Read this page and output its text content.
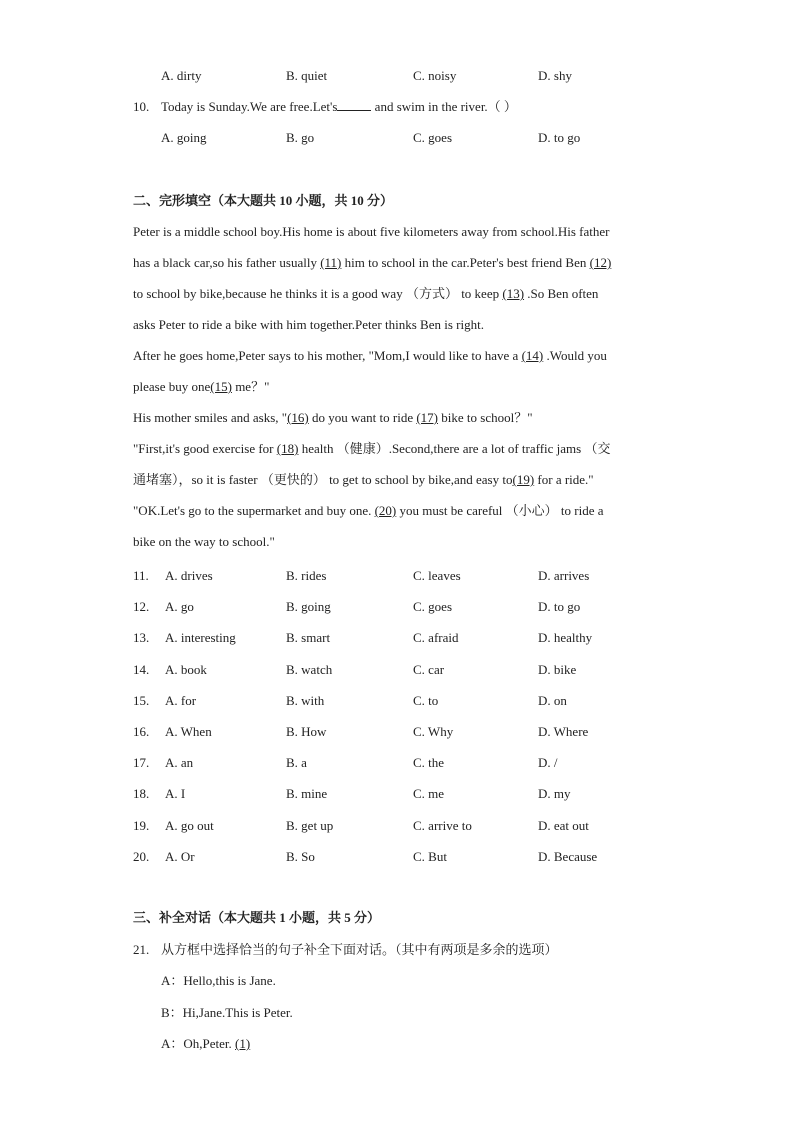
A. dirty	B. quiet	C. noisy	D. shy
10. Today is Sunday.We are free.Let's	and swim in the river.（ ）
A. going	B. go	C. goes	D. to go
二、完形填空（本大题共 10 小题，共 10 分）
Peter is a middle school boy.His home is about five kilometers away from school.His father
has a black car,so his father usually (11) him to school in the car.Peter's best friend Ben (12)
to school by bike,because he thinks it is a good way （方式） to keep (13) .So Ben often
asks Peter to ride a bike with him together.Peter thinks Ben is right.
After he goes home,Peter says to his mother, "Mom,I would like to have a (14) .Would you
please buy one(15) me？"
His mother smiles and asks, "(16) do you want to ride (17) bike to school？"
"First,it's good exercise for (18) health （健康）.Second,there are a lot of traffic jams （交
通堵塞），so it is faster （更快的） to get to school by bike,and easy to(19) for a ride."
"OK.Let's go to the supermarket and buy one. (20) you must be careful （小心） to ride a
bike on the way to school."
11. A. drives	B. rides	C. leaves	D. arrives
12. A. go	B. going	C. goes	D. to go
13. A. interesting	B. smart	C. afraid	D. healthy
14. A. book	B. watch	C. car	D. bike
15. A. for	B. with	C. to	D. on
16. A. When	B. How	C. Why	D. Where
17. A. an	B. a	C. the	D. /
18. A. I	B. mine	C. me	D. my
19. A. go out	B. get up	C. arrive to	D. eat out
20. A. Or	B. So	C. But	D. Because
三、补全对话（本大题共 1 小题，共 5 分）
21. 从方框中选择恰当的句子补全下面对话。（其中有两项是多余的选项）
A：Hello,this is Jane.
B：Hi,Jane.This is Peter.
A：Oh,Peter. (1)
